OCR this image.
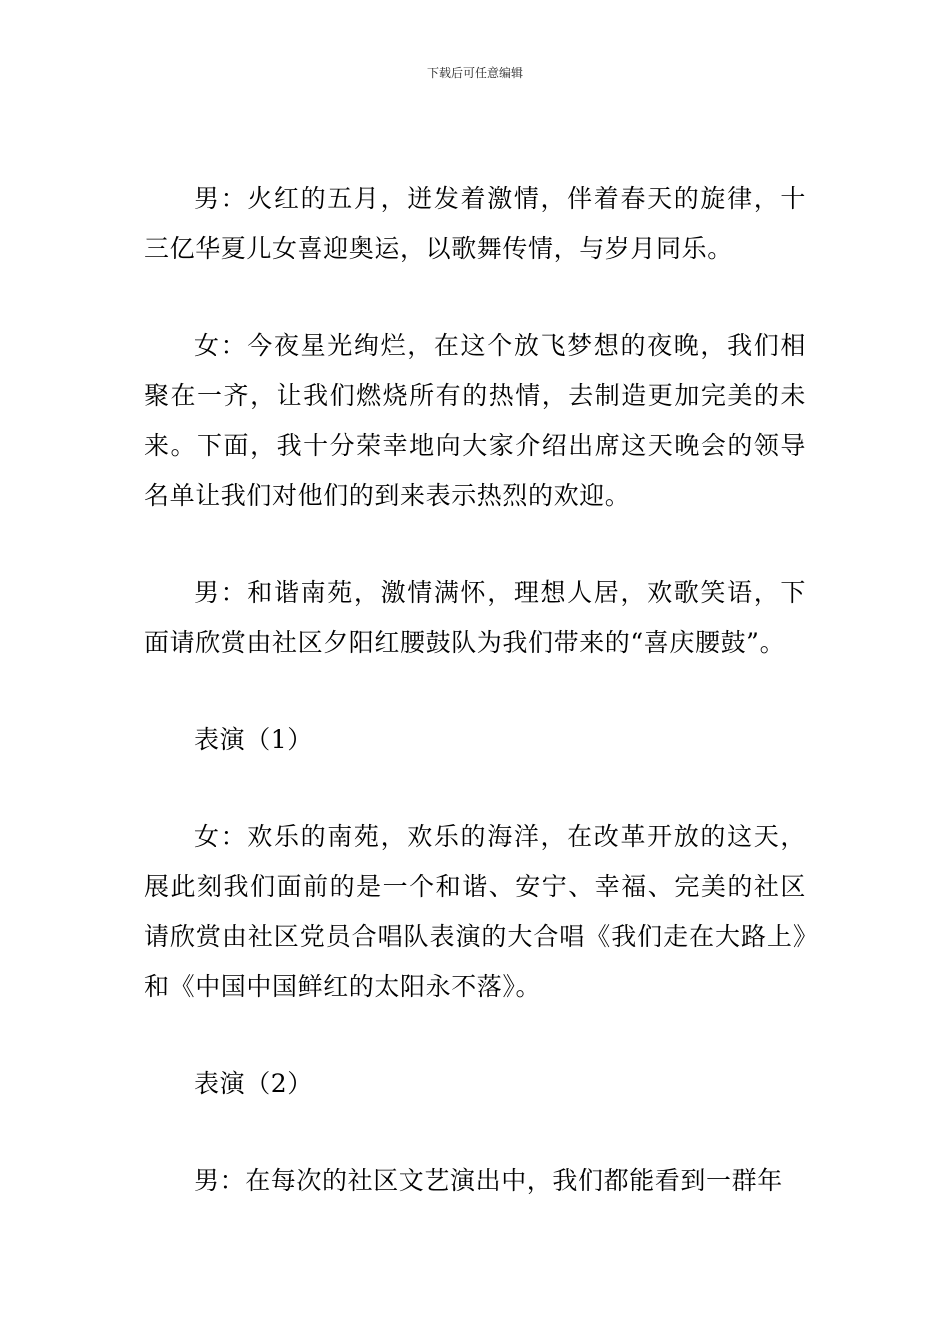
下载后可任意编辑

男：火红的五月，迸发着激情，伴着春天的旋律，十三亿华夏儿女喜迎奥运，以歌舞传情，与岁月同乐。

女：今夜星光绚烂，在这个放飞梦想的夜晚，我们相聚在一齐，让我们燃烧所有的热情，去制造更加完美的未来。下面，我十分荣幸地向大家介绍出席这天晚会的领导名单让我们对他们的到来表示热烈的欢迎。

男：和谐南苑，激情满怀，理想人居，欢歌笑语，下面请欣赏由社区夕阳红腰鼓队为我们带来的“喜庆腰鼓”。

表演（1）

女：欢乐的南苑，欢乐的海洋，在改革开放的这天，展此刻我们面前的是一个和谐、安宁、幸福、完美的社区请欣赏由社区党员合唱队表演的大合唱《我们走在大路上》和《中国中国鲜红的太阳永不落》。

表演（2）

男：在每次的社区文艺演出中，我们都能看到一群年
